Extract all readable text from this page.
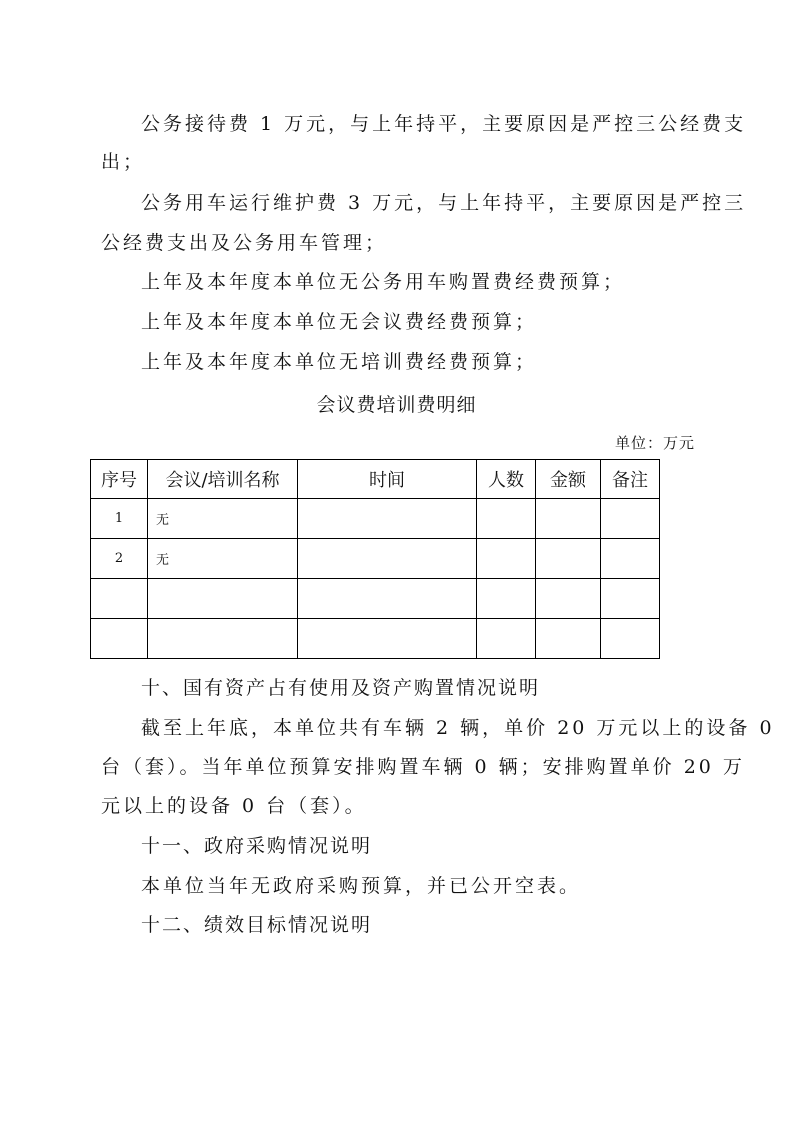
公务接待费 1 万元，与上年持平，主要原因是严控三公经费支
出；
公务用车运行维护费 3 万元，与上年持平，主要原因是严控三
公经费支出及公务用车管理；
上年及本年度本单位无公务用车购置费经费预算；
上年及本年度本单位无会议费经费预算；
上年及本年度本单位无培训费经费预算；
会议费培训费明细
单位：万元
序号	会议/培训名称	时间	人数	金额	备注
1	无				
2	无				

十、国有资产占有使用及资产购置情况说明
截至上年底，本单位共有车辆 2 辆，单价 20 万元以上的设备 0
台（套）。当年单位预算安排购置车辆 0 辆；安排购置单价 20 万
元以上的设备 0 台（套）。
十一、政府采购情况说明
本单位当年无政府采购预算，并已公开空表。
十二、绩效目标情况说明
